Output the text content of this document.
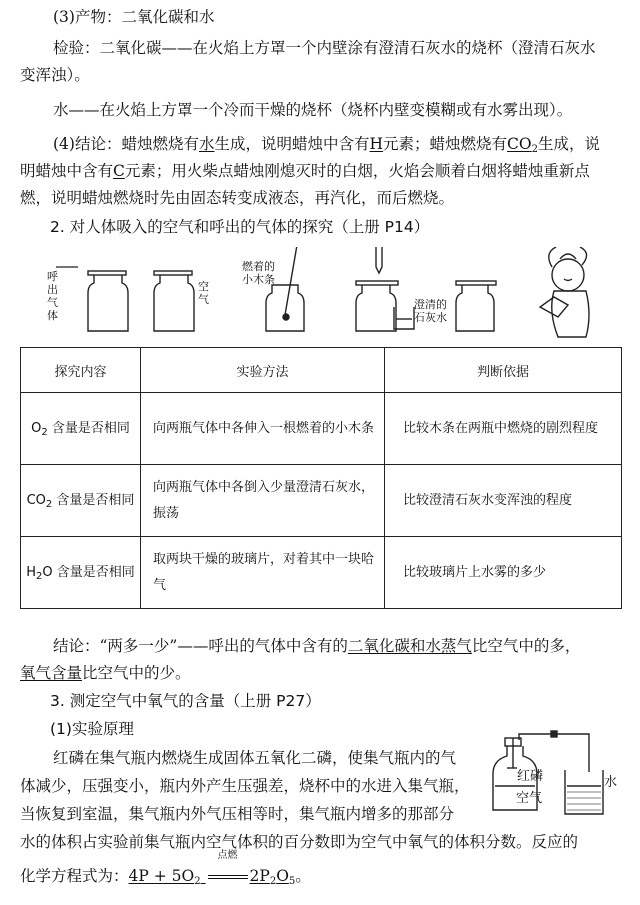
(3)产物：二氧化碳和水
检验：二氧化碳——在火焰上方罩一个内壁涂有澄清石灰水的烧杯（澄清石灰水
变浑浊）。
水——在火焰上方罩一个冷而干燥的烧杯（烧杯内壁变模糊或有水雾出现）。
(4)结论：蜡烛燃烧有水生成，说明蜡烛中含有H元素；蜡烛燃烧有$CO_2$生成，说
明蜡烛中含有C元素；用火柴点蜡烛刚熄灭时的白烟，火焰会顺着白烟将蜡烛重新点
燃，说明蜡烛燃烧时先由固态转变成液态，再汽化，而后燃烧。
2. 对人体吸入的空气和呼出的气体的探究（上册 P14）
呼
出
气
体
空
气
燃着的
小木条
澄清的
石灰水
探究内容	实验方法	判断依据
$O_2$ 含量是否相同	向两瓶气体中各伸入一根燃着的小木条	比较木条在两瓶中燃烧的剧烈程度
$CO_2$ 含量是否相同	向两瓶气体中各倒入少量澄清石灰水，振荡	比较澄清石灰水变浑浊的程度
$H_2O$ 含量是否相同	取两块干燥的玻璃片，对着其中一块哈气	比较玻璃片上水雾的多少
结论：“两多一少”——呼出的气体中含有的二氧化碳和水蒸气比空气中的多，
氧气含量比空气中的少。
3. 测定空气中氧气的含量（上册 P27）
(1)实验原理
红磷在集气瓶内燃烧生成固体五氧化二磷，使集气瓶内的气
体减少，压强变小，瓶内外产生压强差，烧杯中的水进入集气瓶，
当恢复到室温，集气瓶内外气压相等时，集气瓶内增多的那部分
水的体积占实验前集气瓶内空气体积的百分数即为空气中氧气的体积分数。反应的
化学方程式为：$4P + 5O_2$
点燃
$2P_2O_5$。
红磷
空气
水
